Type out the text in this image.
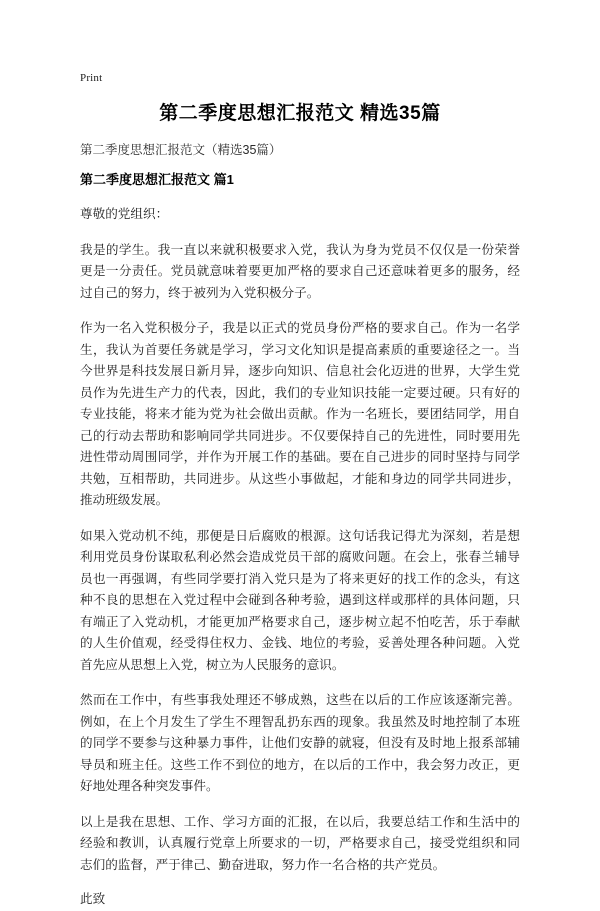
Print
第二季度思想汇报范文 精选35篇

第二季度思想汇报范文（精选35篇）

第二季度思想汇报范文 篇1

尊敬的党组织：

我是的学生。我一直以来就积极要求入党，我认为身为党员不仅仅是一份荣誉更是一分责任。党员就意味着要更加严格的要求自己还意味着更多的服务，经过自己的努力，终于被列为入党积极分子。

作为一名入党积极分子，我是以正式的党员身份严格的要求自己。作为一名学生，我认为首要任务就是学习，学习文化知识是提高素质的重要途径之一。当今世界是科技发展日新月异，逐步向知识、信息社会化迈进的世界，大学生党员作为先进生产力的代表，因此，我们的专业知识技能一定要过硬。只有好的专业技能，将来才能为党为社会做出贡献。作为一名班长，要团结同学，用自己的行动去帮助和影响同学共同进步。不仅要保持自己的先进性，同时要用先进性带动周围同学，并作为开展工作的基础。要在自己进步的同时坚持与同学共勉，互相帮助，共同进步。从这些小事做起，才能和身边的同学共同进步，推动班级发展。

如果入党动机不纯，那便是日后腐败的根源。这句话我记得尤为深刻，若是想利用党员身份谋取私利必然会造成党员干部的腐败问题。在会上，张春兰辅导员也一再强调，有些同学要打消入党只是为了将来更好的找工作的念头，有这种不良的思想在入党过程中会碰到各种考验，遇到这样或那样的具体问题，只有端正了入党动机，才能更加严格要求自己，逐步树立起不怕吃苦，乐于奉献的人生价值观，经受得住权力、金钱、地位的考验，妥善处理各种问题。入党首先应从思想上入党，树立为人民服务的意识。

然而在工作中，有些事我处理还不够成熟，这些在以后的工作应该逐渐完善。例如，在上个月发生了学生不理智乱扔东西的现象。我虽然及时地控制了本班的同学不要参与这种暴力事件，让他们安静的就寝，但没有及时地上报系部辅导员和班主任。这些工作不到位的地方，在以后的工作中，我会努力改正，更好地处理各种突发事件。

以上是我在思想、工作、学习方面的汇报，在以后，我要总结工作和生活中的经验和教训，认真履行党章上所要求的一切，严格要求自己，接受党组织和同志们的监督，严于律己、勤奋进取，努力作一名合格的共产党员。

此致
